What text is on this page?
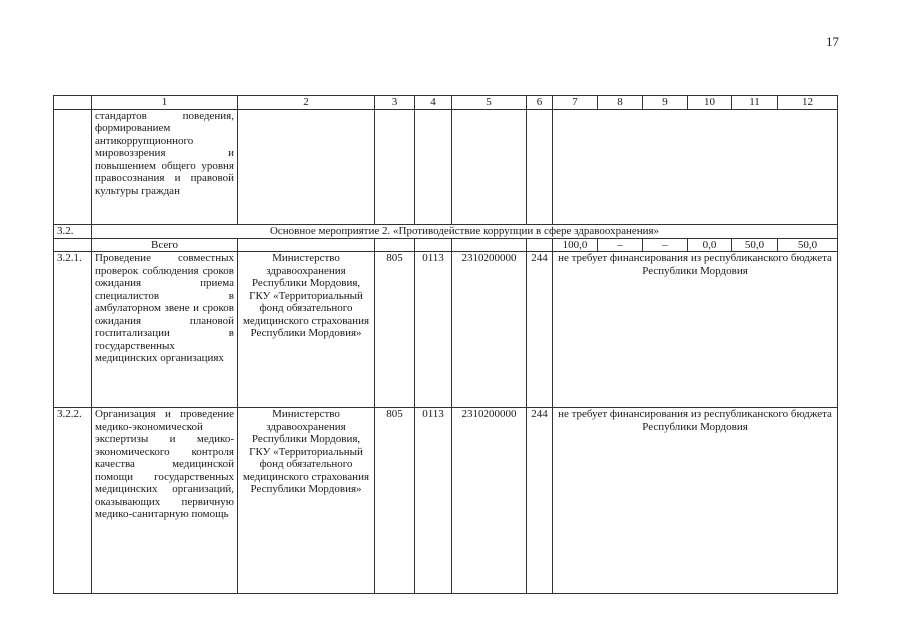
17
	1	2	3	4	5	6	7	8	9	10	11	12
	стандартов поведения, формированием антикоррупционного мировоззрения и повышением общего уровня правосознания и правовой культуры граждан											
3.2.	Основное мероприятие 2. «Противодействие коррупции в сфере здравоохранения»											
	Всего						100,0	–	–	0,0	50,0	50,0
3.2.1.	Проведение совместных проверок соблюдения сроков ожидания приема специалистов в амбулаторном звене и сроков ожидания плановой госпитализации в государственных медицинских организациях	Министерство здравоохранения Республики Мордовия, ГКУ «Территориальный фонд обязательного медицинского страхования Республики Мордовия»	805	0113	2310200000	244	не требует финансирования из республиканского бюджета Республики Мордовия					
3.2.2.	Организация и проведение медико-экономической экспертизы и медико-экономического контроля качества медицинской помощи государственных медицинских организаций, оказывающих первичную медико-санитарную помощь	Министерство здравоохранения Республики Мордовия, ГКУ «Территориальный фонд обязательного медицинского страхования Республики Мордовия»	805	0113	2310200000	244	не требует финансирования из республиканского бюджета Республики Мордовия					
